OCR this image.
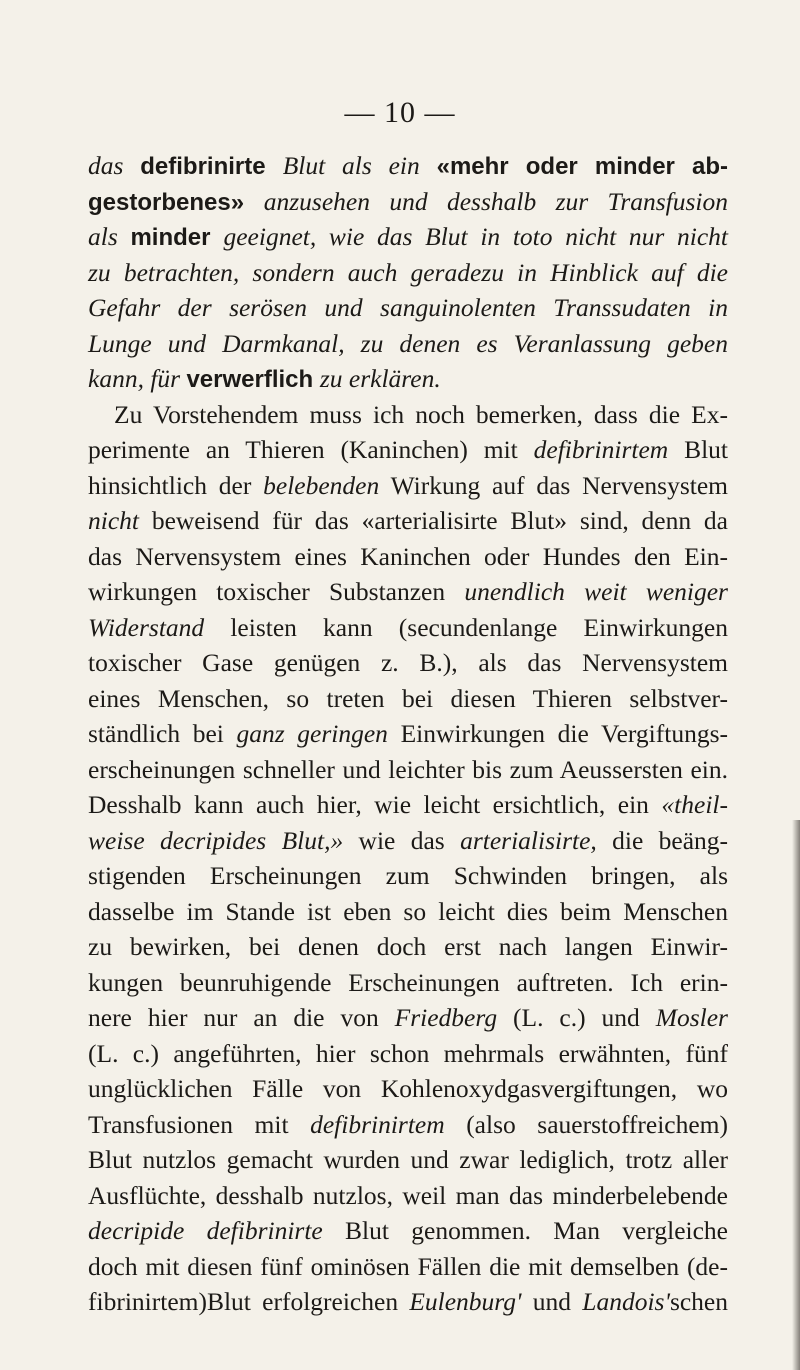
— 10 —
das defibrinirte Blut als ein «mehr oder minder ab-
gestorbenes» anzusehen und desshalb zur Transfusion
als minder geeignet, wie das Blut in toto nicht nur nicht
zu betrachten, sondern auch geradezu in Hinblick auf die
Gefahr der serösen und sanguinolenten Transsudaten in
Lunge und Darmkanal, zu denen es Veranlassung geben
kann, für verwerflich zu erklären.
Zu Vorstehendem muss ich noch bemerken, dass die Ex-
perimente an Thieren (Kaninchen) mit defibrinirtem Blut
hinsichtlich der belebenden Wirkung auf das Nervensystem
nicht beweisend für das «arterialisirte Blut» sind, denn da
das Nervensystem eines Kaninchen oder Hundes den Ein-
wirkungen toxischer Substanzen unendlich weit weniger
Widerstand leisten kann (secundenlange Einwirkungen
toxischer Gase genügen z. B.), als das Nervensystem
eines Menschen, so treten bei diesen Thieren selbstver-
ständlich bei ganz geringen Einwirkungen die Vergiftungs-
erscheinungen schneller und leichter bis zum Aeussersten ein.
Desshalb kann auch hier, wie leicht ersichtlich, ein «theil-
weise decripides Blut,» wie das arterialisirte, die beäng-
stigenden Erscheinungen zum Schwinden bringen, als
dasselbe im Stande ist eben so leicht dies beim Menschen
zu bewirken, bei denen doch erst nach langen Einwir-
kungen beunruhigende Erscheinungen auftreten. Ich erin-
nere hier nur an die von Friedberg (L. c.) und Mosler
(L. c.) angeführten, hier schon mehrmals erwähnten, fünf
unglücklichen Fälle von Kohlenoxydgasvergiftungen, wo
Transfusionen mit defibrinirtem (also sauerstoffreichem)
Blut nutzlos gemacht wurden und zwar lediglich, trotz aller
Ausflüchte, desshalb nutzlos, weil man das minderbelebende
decripide defibrinirte Blut genommen. Man vergleiche
doch mit diesen fünf ominösen Fällen die mit demselben (de-
fibrinirtem)Blut erfolgreichen Eulenburg' und Landois'schen
